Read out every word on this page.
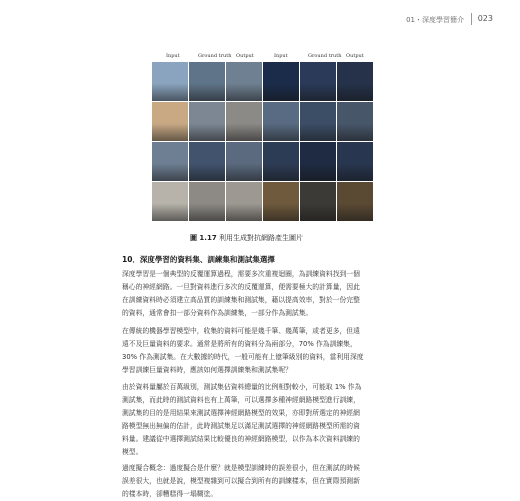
01・深度學習簡介 023
Input	Ground truth Output	Input	Ground truth Output
圖 1.17 利用生成對抗網路產生圖片
10．深度學習的資料集、訓練集和測試集選擇
深度學習是一個典型的反覆運算過程，需要多次重複迴圈，為訓練資料找到一個
稱心的神經網路。一旦對資料進行多次的反覆運算，便需要極大的計算量，因此
在訓練資料時必須建立高品質的訓練集和測試集，藉以提高效率，對於一份完整
的資料，通常會扣一部分資料作為訓練集，一部分作為測試集。
在傳統的機器學習模型中，收集的資料可能是幾千筆、幾萬筆，或者更多，但遠
遠不及巨量資料的要求。通常是將所有的資料分為兩部分，70% 作為訓練集，
30% 作為測試集。在大數據的時代，一般可能有上億筆級別的資料，當利用深度
學習訓練巨量資料時，應該如何選擇訓練集和測試集呢？
由於資料量屬於百萬級別，測試集佔資料總量的比例相對較小，可能取 1% 作為
測試集，而此時的測試資料也有上萬筆，可以選擇多種神經網路模型進行訓練，
測試集的目的是用結果來測試選擇神經網路模型的效果，亦即對所選定的神經網
路模型無出無偏的估計，此時測試集足以滿足測試選擇的神經網路模型所需的資
料量。建議從中選擇測試結果比較優良的神經網路模型，以作為本次資料訓練的
模型。
過度擬合概念：過度擬合是什麼？就是模型訓練時的誤差很小，但在測試的時候
誤差很大，也就是說，模型複雜到可以擬合到所有的訓練樣本，但在實際預測新
的樣本時，卻糟糕得一塌糊塗。
